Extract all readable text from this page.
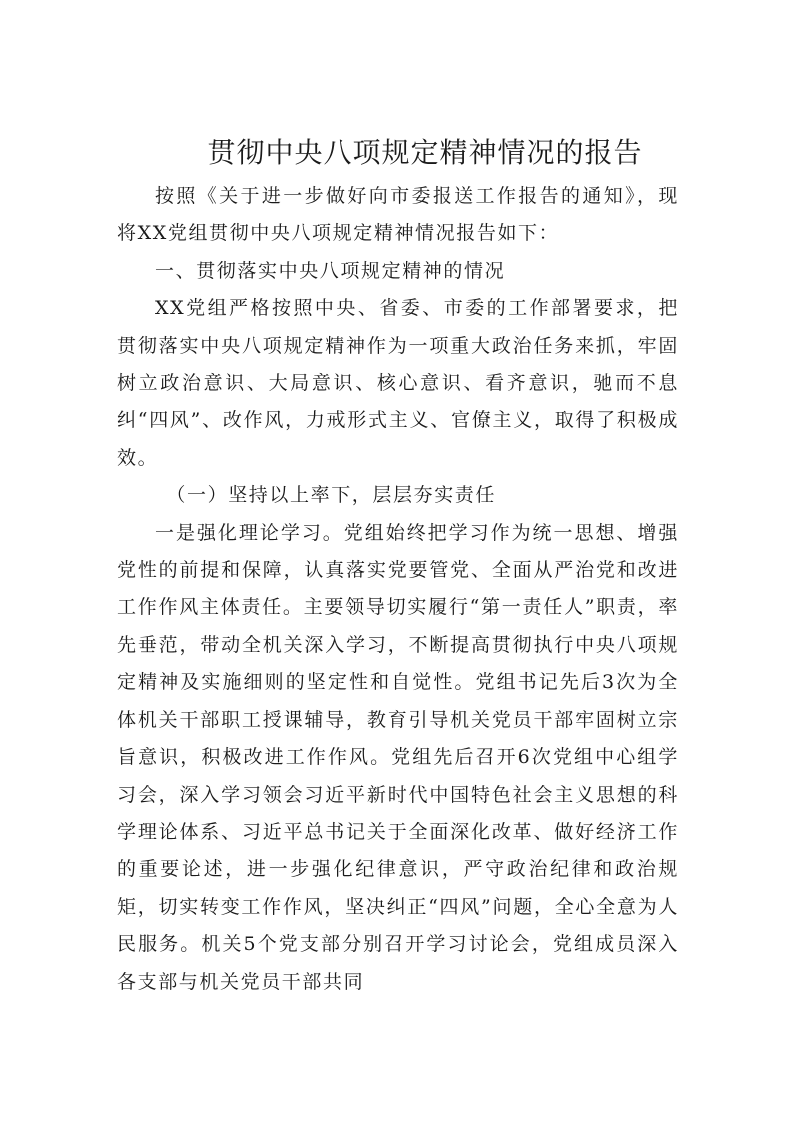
贯彻中央八项规定精神情况的报告

按照《关于进一步做好向市委报送工作报告的通知》，现将XX党组贯彻中央八项规定精神情况报告如下：

一、贯彻落实中央八项规定精神的情况

XX党组严格按照中央、省委、市委的工作部署要求，把贯彻落实中央八项规定精神作为一项重大政治任务来抓，牢固树立政治意识、大局意识、核心意识、看齐意识，驰而不息纠“四风”、改作风，力戒形式主义、官僚主义，取得了积极成效。

（一）坚持以上率下，层层夯实责任

一是强化理论学习。党组始终把学习作为统一思想、增强党性的前提和保障，认真落实党要管党、全面从严治党和改进工作作风主体责任。主要领导切实履行“第一责任人”职责，率先垂范，带动全机关深入学习，不断提高贯彻执行中央八项规定精神及实施细则的坚定性和自觉性。党组书记先后3次为全体机关干部职工授课辅导，教育引导机关党员干部牢固树立宗旨意识，积极改进工作作风。党组先后召开6次党组中心组学习会，深入学习领会习近平新时代中国特色社会主义思想的科学理论体系、习近平总书记关于全面深化改革、做好经济工作的重要论述，进一步强化纪律意识，严守政治纪律和政治规矩，切实转变工作作风，坚决纠正“四风”问题，全心全意为人民服务。机关5个党支部分别召开学习讨论会，党组成员深入各支部与机关党员干部共同
